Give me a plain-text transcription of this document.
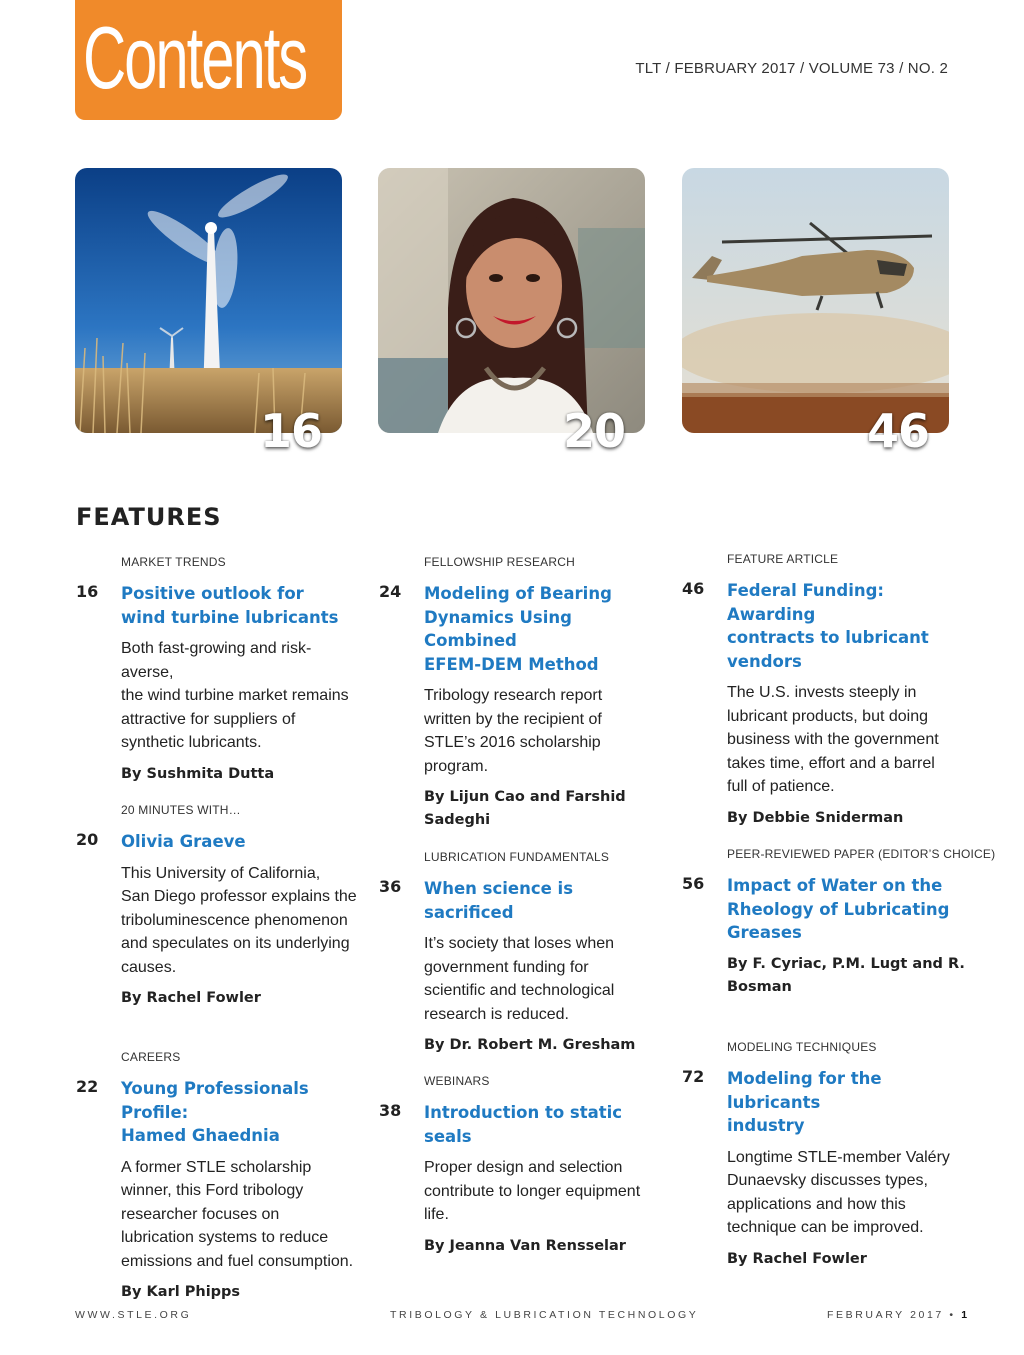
Contents	TLT / FEBRUARY 2017 / VOLUME 73 / NO. 2
16	20	46
FEATURES
MARKET TRENDS
16 Positive outlook for
wind turbine lubricants

Both fast-growing and risk-averse,
the wind turbine market remains
attractive for suppliers of
synthetic lubricants.

By Sushmita Dutta

20 MINUTES WITH…
20 Olivia Graeve

This University of California,
San Diego professor explains the
triboluminescence phenomenon
and speculates on its underlying
causes.

By Rachel Fowler

CAREERS
22 Young Professionals Profile:
Hamed Ghaednia

A former STLE scholarship
winner, this Ford tribology
researcher focuses on
lubrication systems to reduce
emissions and fuel consumption.

By Karl Phipps

FELLOWSHIP RESEARCH
24 Modeling of Bearing
Dynamics Using Combined
EFEM-DEM Method

Tribology research report
written by the recipient of
STLE’s 2016 scholarship
program.

By Lijun Cao and Farshid
Sadeghi

LUBRICATION FUNDAMENTALS
36 When science is sacrificed

It’s society that loses when
government funding for
scientific and technological
research is reduced.

By Dr. Robert M. Gresham

WEBINARS
38 Introduction to static seals

Proper design and selection
contribute to longer equipment
life.

By Jeanna Van Rensselar

FEATURE ARTICLE
46 Federal Funding: Awarding
contracts to lubricant
vendors

The U.S. invests steeply in
lubricant products, but doing
business with the government
takes time, effort and a barrel
full of patience.

By Debbie Sniderman

PEER-REVIEWED PAPER (EDITOR’S CHOICE)
56 Impact of Water on the
Rheology of Lubricating
Greases

By F. Cyriac, P.M. Lugt and R.
Bosman

MODELING TECHNIQUES
72 Modeling for the lubricants
industry

Longtime STLE-member Valéry
Dunaevsky discusses types,
applications and how this
technique can be improved.

By Rachel Fowler

WWW.STLE.ORG	TRIBOLOGY & LUBRICATION TECHNOLOGY	FEBRUARY 2017 • 1
